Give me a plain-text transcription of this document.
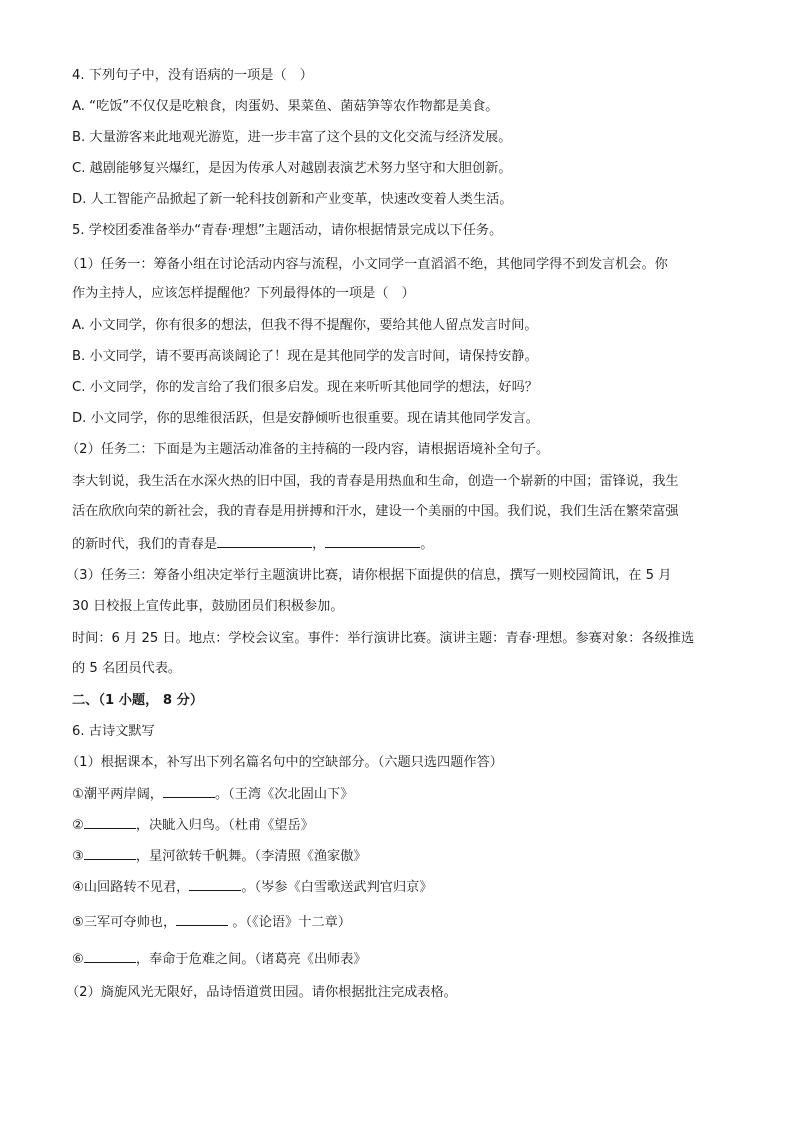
4. 下列句子中，没有语病的一项是（　）
A. “吃饭”不仅仅是吃粮食，肉蛋奶、果菜鱼、菌菇笋等农作物都是美食。
B. 大量游客来此地观光游览，进一步丰富了这个县的文化交流与经济发展。
C. 越剧能够复兴爆红，是因为传承人对越剧表演艺术努力坚守和大胆创新。
D. 人工智能产品掀起了新一轮科技创新和产业变革，快速改变着人类生活。
5. 学校团委准备举办“青春·理想”主题活动，请你根据情景完成以下任务。
（1）任务一：筹备小组在讨论活动内容与流程，小文同学一直滔滔不绝，其他同学得不到发言机会。你
作为主持人，应该怎样提醒他？下列最得体的一项是（　）
A. 小文同学，你有很多的想法，但我不得不提醒你，要给其他人留点发言时间。
B. 小文同学，请不要再高谈阔论了！现在是其他同学的发言时间，请保持安静。
C. 小文同学，你的发言给了我们很多启发。现在来听听其他同学的想法，好吗？
D. 小文同学，你的思维很活跃，但是安静倾听也很重要。现在请其他同学发言。
（2）任务二：下面是为主题活动准备的主持稿的一段内容，请根据语境补全句子。
李大钊说，我生活在水深火热的旧中国，我的青春是用热血和生命，创造一个崭新的中国；雷锋说，我生
活在欣欣向荣的新社会，我的青春是用拼搏和汗水，建设一个美丽的中国。我们说，我们生活在繁荣富强
的新时代，我们的青春是	，	。
（3）任务三：筹备小组决定举行主题演讲比赛，请你根据下面提供的信息，撰写一则校园简讯，在 5 月
30 日校报上宣传此事，鼓励团员们积极参加。
时间：6 月 25 日。地点：学校会议室。事件：举行演讲比赛。演讲主题：青春·理想。参赛对象：各级推选
的 5 名团员代表。
二、（1 小题， 8 分）
6. 古诗文默写
（1）根据课本，补写出下列名篇名句中的空缺部分。（六题只选四题作答）
①潮平两岸阔，	。（王湾《次北固山下》
②	，决眦入归鸟。（杜甫《望岳》
③	，星河欲转千帆舞。（李清照《渔家傲》
④山回路转不见君，	。（岑参《白雪歌送武判官归京》
⑤三军可夺帅也，	。（《论语》十二章）
⑥	，奉命于危难之间。（诸葛亮《出师表》
（2）旖旎风光无限好，品诗悟道赏田园。请你根据批注完成表格。
